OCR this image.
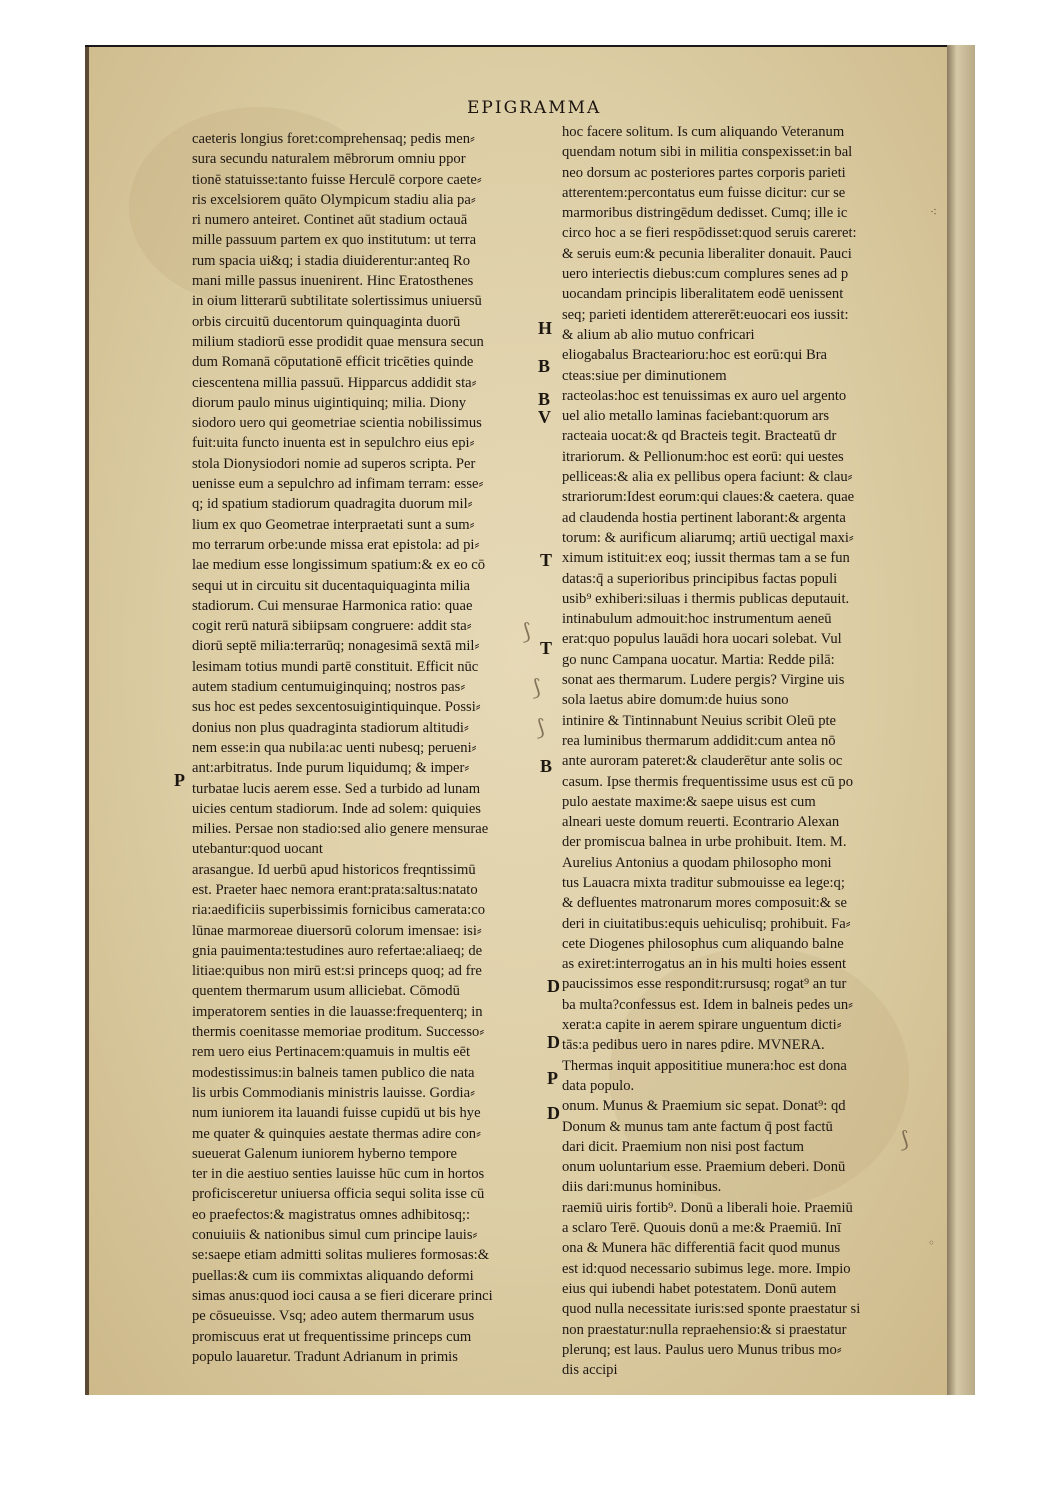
EPIGRAMMA
caeteris longius foret:comprehensaq; pedis men⸗
sura secundu naturalem mēbrorum omniu ppor
tionē statuisse:tanto fuisse Herculē corpore caete⸗
ris excelsiorem quāto Olympicum stadiu alia pa⸗
ri numero anteiret. Continet aūt stadium octauā
mille passuum partem ex quo institutum: ut terra
rum spacia ui&q; i stadia diuiderentur:anteq Ro
mani mille passus inuenirent. Hinc Eratosthenes
in oium litterarū subtilitate solertissimus uniuersū
orbis circuitū ducentorum quinquaginta duorū
milium stadiorū esse prodidit quae mensura secun
dum Romanā cōputationē efficit tricēties quinde
ciescentena millia passuū. Hipparcus addidit sta⸗
diorum paulo minus uigintiquinq; milia. Diony
siodoro uero qui geometriae scientia nobilissimus
fuit:uita functo inuenta est in sepulchro eius epi⸗
stola Dionysiodori nomie ad superos scripta. Per
uenisse eum a sepulchro ad infimam terram: esse⸗
q; id spatium stadiorum quadragita duorum mil⸗
lium ex quo Geometrae interpraetati sunt a sum⸗
mo terrarum orbe:unde missa erat epistola: ad pi⸗
lae medium esse longissimum spatium:& ex eo cō
sequi ut in circuitu sit ducentaquiquaginta milia
stadiorum. Cui mensurae Harmonica ratio: quae
cogit rerū naturā sibiipsam congruere: addit sta⸗
diorū septē milia:terrarūq; nonagesimā sextā mil⸗
lesimam totius mundi partē constituit. Efficit nūc
autem stadium centumuiginquinq; nostros pas⸗
sus hoc est pedes sexcentosuigintiquinque. Possi⸗
donius non plus quadraginta stadiorum altitudi⸗
nem esse:in qua nubila:ac uenti nubesq; perueni⸗
ant:arbitratus. Inde purum liquidumq; & imper⸗
turbatae lucis aerem esse. Sed a turbido ad lunam
uicies centum stadiorum. Inde ad solem: quiquies
milies. Persae non stadio:sed alio genere mensurae
utebantur:quod uocant
arasangue. Id uerbū apud historicos freqntissimū
est. Praeter haec nemora erant:prata:saltus:natato
ria:aedificiis superbissimis fornicibus camerata:co
lūnae marmoreae diuersorū colorum imensae: isi⸗
gnia pauimenta:testudines auro refertae:aliaeq; de
litiae:quibus non mirū est:si princeps quoq; ad fre
quentem thermarum usum alliciebat. Cōmodū
imperatorem senties in die lauasse:frequenterq; in
thermis coenitasse memoriae proditum. Successo⸗
rem uero eius Pertinacem:quamuis in multis eēt
modestissimus:in balneis tamen publico die nata
lis urbis Commodianis ministris lauisse. Gordia⸗
num iuniorem ita lauandi fuisse cupidū ut bis hye
me quater & quinquies aestate thermas adire con⸗
sueuerat Galenum iuniorem hyberno tempore
ter in die aestiuo senties lauisse hūc cum in hortos
proficisceretur uniuersa officia sequi solita isse cū
eo praefectos:& magistratus omnes adhibitosq;:
conuiuiis & nationibus simul cum principe lauis⸗
se:saepe etiam admitti solitas mulieres formosas:&
puellas:& cum iis commixtas aliquando deformi
simas anus:quod ioci causa a se fieri dicerare princi
pe cōsueuisse. Vsq; adeo autem thermarum usus
promiscuus erat ut frequentissime princeps cum
populo lauaretur. Tradunt Adrianum in primis
hoc facere solitum. Is cum aliquando Veteranum
quendam notum sibi in militia conspexisset:in bal
neo dorsum ac posteriores partes corporis parieti
atterentem:percontatus eum fuisse dicitur: cur se
marmoribus distringēdum dedisset. Cumq; ille ic
circo hoc a se fieri respōdisset:quod seruis careret:
& seruis eum:& pecunia liberaliter donauit. Pauci
uero interiectis diebus:cum complures senes ad p
uocandam principis liberalitatem eodē uenissent
seq; parieti identidem attererēt:euocari eos iussit:
& alium ab alio mutuo confricari
eliogabalus Bractearioru:hoc est eorū:qui Bra
cteas:siue per diminutionem
racteolas:hoc est tenuissimas ex auro uel argento
uel alio metallo laminas faciebant:quorum ars
racteaia uocat:& qd Bracteis tegit. Bracteatū dr
itrariorum. & Pellionum:hoc est eorū: qui uestes
pelliceas:& alia ex pellibus opera faciunt: & clau⸗
strariorum:Idest eorum:qui claues:& caetera. quae
ad claudenda hostia pertinent laborant:& argenta
torum: & aurificum aliarumq; artiū uectigal maxi⸗
ximum istituit:ex eoq; iussit thermas tam a se fun
datas:q̄ a superioribus principibus factas populi
usib⁹ exhiberi:siluas i thermis publicas deputauit.
intinabulum admouit:hoc instrumentum aeneū
erat:quo populus lauādi hora uocari solebat. Vul
go nunc Campana uocatur. Martia: Redde pilā:
sonat aes thermarum. Ludere pergis? Virgine uis
sola laetus abire domum:de huius sono
intinire & Tintinnabunt Neuius scribit Oleū pte
rea luminibus thermarum addidit:cum antea nō
ante auroram pateret:& clauderētur ante solis oc
casum. Ipse thermis frequentissime usus est cū po
pulo aestate maxime:& saepe uisus est cum
alneari ueste domum reuerti. Econtrario Alexan
der promiscua balnea in urbe prohibuit. Item. M.
Aurelius Antonius a quodam philosopho moni
tus Lauacra mixta traditur submouisse ea lege:q;
& defluentes matronarum mores composuit:& se
deri in ciuitatibus:equis uehiculisq; prohibuit. Fa⸗
cete Diogenes philosophus cum aliquando balne
as exiret:interrogatus an in his multi hoies essent
paucissimos esse respondit:rursusq; rogat⁹ an tur
ba multa?confessus est. Idem in balneis pedes un⸗
xerat:a capite in aerem spirare unguentum dicti⸗
tās:a pedibus uero in nares pdire. MVNERA.
Thermas inquit apposititiue munera:hoc est dona
data populo.
onum. Munus & Praemium sic sepat. Donat⁹: qd
Donum & munus tam ante factum q̄ post factū
dari dicit. Praemium non nisi post factum
onum uoluntarium esse. Praemium deberi. Donū
diis dari:munus hominibus.
raemiū uiris fortib⁹. Donū a liberali hoie. Praemiū
a sclaro Terē. Quouis donū a me:& Praemiū. Inī
ona & Munera hāc differentiā facit quod munus
est id:quod necessario subimus lege. more. Impio
eius qui iubendi habet potestatem. Donū autem
quod nulla necessitate iuris:sed sponte praestatur si
non praestatur:nulla repraehensio:& si praestatur
plerunq; est laus. Paulus uero Munus tribus mo⸗
dis accipi
P
H
B
B
V
T
T
B
D
D
P
D
⟆
⟆
⟆
⟆
⁖
◦
